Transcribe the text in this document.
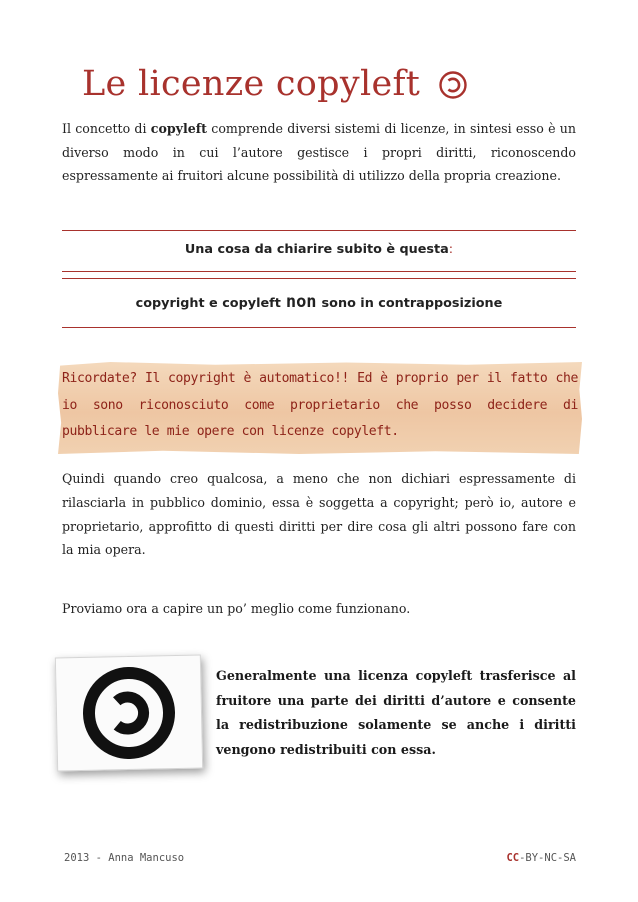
Le licenze copyleft

Il concetto di copyleft comprende diversi sistemi di licenze, in sintesi esso è un diverso modo in cui l’autore gestisce i propri diritti, riconoscendo espressamente ai fruitori alcune possibilità di utilizzo della propria creazione.

Una cosa da chiarire subito è questa:
copyright e copyleft non sono in contrapposizione

Ricordate? Il copyright è automatico!! Ed è proprio per il fatto che io sono riconosciuto come proprietario che posso decidere di pubblicare le mie opere con licenze copyleft.

Quindi quando creo qualcosa, a meno che non dichiari espressamente di rilasciarla in pubblico dominio, essa è soggetta a copyright; però io, autore e proprietario, approfitto di questi diritti per dire cosa gli altri possono fare con la mia opera.

Proviamo ora a capire un po’ meglio come funzionano.

Generalmente una licenza copyleft trasferisce al fruitore una parte dei diritti d’autore e consente la redistribuzione solamente se anche i diritti vengono redistribuiti con essa.

2013 - Anna Mancuso	CC-BY-NC-SA
